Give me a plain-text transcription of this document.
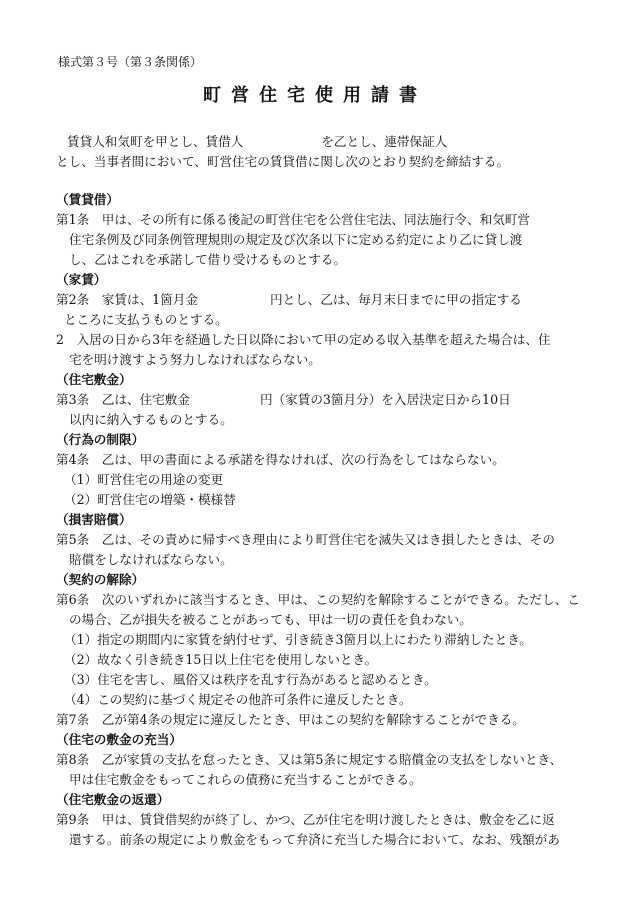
様式第３号（第３条関係）
町営住宅使用請書
賃貸人和気町を甲とし、賃借人	を乙とし、連帯保証人
とし、当事者間において、町営住宅の賃貸借に関し次のとおり契約を締結する。
（賃貸借）
第1条　甲は、その所有に係る後記の町営住宅を公営住宅法、同法施行令、和気町営
住宅条例及び同条例管理規則の規定及び次条以下に定める約定により乙に貸し渡
し、乙はこれを承諾して借り受けるものとする。
（家賃）
第2条　家賃は、1箇月金	円とし、乙は、毎月末日までに甲の指定する
ところに支払うものとする。
2　入居の日から3年を経過した日以降において甲の定める収入基準を超えた場合は、住
宅を明け渡すよう努力しなければならない。
（住宅敷金）
第3条　乙は、住宅敷金	円（家賃の3箇月分）を入居決定日から10日
以内に納入するものとする。
（行為の制限）
第4条　乙は、甲の書面による承諾を得なければ、次の行為をしてはならない。
（1）町営住宅の用途の変更
（2）町営住宅の増築・模様替
（損害賠償）
第5条　乙は、その責めに帰すべき理由により町営住宅を滅失又はき損したときは、その
賠償をしなければならない。
（契約の解除）
第6条　次のいずれかに該当するとき、甲は、この契約を解除することができる。ただし、こ
の場合、乙が損失を被ることがあっても、甲は一切の責任を負わない。
（1）指定の期間内に家賃を納付せず、引き続き3箇月以上にわたり滞納したとき。
（2）故なく引き続き15日以上住宅を使用しないとき。
（3）住宅を害し、風俗又は秩序を乱す行為があると認めるとき。
（4）この契約に基づく規定その他許可条件に違反したとき。
第7条　乙が第4条の規定に違反したとき、甲はこの契約を解除することができる。
（住宅の敷金の充当）
第8条　乙が家賃の支払を怠ったとき、又は第5条に規定する賠償金の支払をしないとき、
甲は住宅敷金をもってこれらの債務に充当することができる。
（住宅敷金の返還）
第9条　甲は、賃貸借契約が終了し、かつ、乙が住宅を明け渡したときは、敷金を乙に返
還する。前条の規定により敷金をもって弁済に充当した場合において、なお、残額があ
